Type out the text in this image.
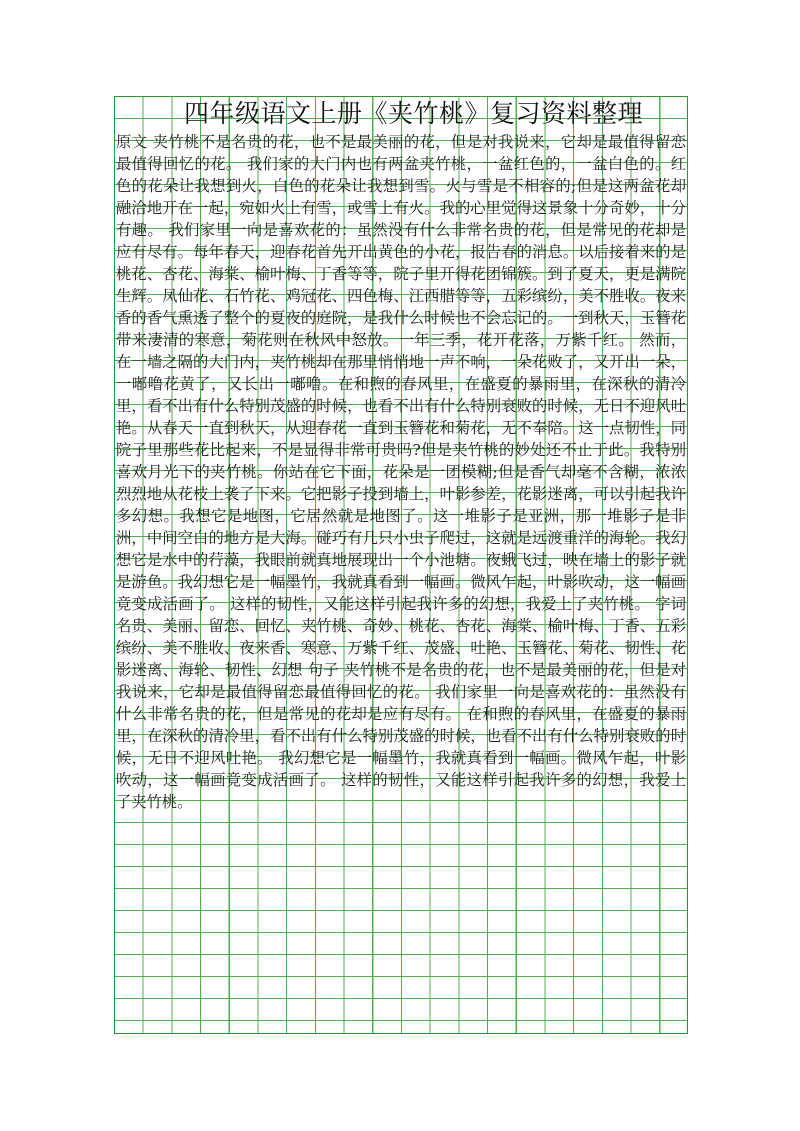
四年级语文上册《夹竹桃》复习资料整理

原文 夹竹桃不是名贵的花，也不是最美丽的花，但是对我说来，它却是最值得留恋最值得回忆的花。 我们家的大门内也有两盆夹竹桃，一盆红色的，一盆白色的。红色的花朵让我想到火，白色的花朵让我想到雪。火与雪是不相容的;但是这两盆花却融洽地开在一起，宛如火上有雪，或雪上有火。我的心里觉得这景象十分奇妙，十分有趣。 我们家里一向是喜欢花的：虽然没有什么非常名贵的花，但是常见的花却是应有尽有。每年春天，迎春花首先开出黄色的小花，报告春的消息。以后接着来的是桃花、杏花、海棠、榆叶梅、丁香等等，院子里开得花团锦簇。到了夏天，更是满院生辉。凤仙花、石竹花、鸡冠花、四色梅、江西腊等等，五彩缤纷，美不胜收。夜来香的香气熏透了整个的夏夜的庭院，是我什么时候也不会忘记的。一到秋天，玉簪花带来凄清的寒意，菊花则在秋风中怒放。一年三季，花开花落，万紫千红。 然而，在一墙之隔的大门内，夹竹桃却在那里悄悄地一声不响，一朵花败了，又开出一朵，一嘟噜花黄了，又长出一嘟噜。在和煦的春风里，在盛夏的暴雨里，在深秋的清冷里，看不出有什么特别茂盛的时候，也看不出有什么特别衰败的时候，无日不迎风吐艳。从春天一直到秋天，从迎春花一直到玉簪花和菊花，无不奉陪。这一点韧性，同院子里那些花比起来，不是显得非常可贵吗?但是夹竹桃的妙处还不止于此。我特别喜欢月光下的夹竹桃。你站在它下面，花朵是一团模糊;但是香气却毫不含糊，浓浓烈烈地从花枝上袭了下来。它把影子投到墙上，叶影参差，花影迷离，可以引起我许多幻想。我想它是地图，它居然就是地图了。这一堆影子是亚洲，那一堆影子是非洲，中间空白的地方是大海。碰巧有几只小虫子爬过，这就是远渡重洋的海轮。我幻想它是水中的荇藻，我眼前就真地展现出一个小池塘。夜蛾飞过，映在墙上的影子就是游鱼。我幻想它是一幅墨竹，我就真看到一幅画。微风乍起，叶影吹动，这一幅画竟变成活画了。 这样的韧性，又能这样引起我许多的幻想，我爱上了夹竹桃。 字词 名贵、美丽、留恋、回忆、夹竹桃、奇妙、桃花、杏花、海棠、榆叶梅、丁香、五彩缤纷、美不胜收、夜来香、寒意、万紫千红、茂盛、吐艳、玉簪花、菊花、韧性、花影迷离、海轮、韧性、幻想 句子 夹竹桃不是名贵的花，也不是最美丽的花，但是对我说来，它却是最值得留恋最值得回忆的花。 我们家里一向是喜欢花的：虽然没有什么非常名贵的花，但是常见的花却是应有尽有。 在和煦的春风里，在盛夏的暴雨里，在深秋的清冷里，看不出有什么特别茂盛的时候，也看不出有什么特别衰败的时候，无日不迎风吐艳。 我幻想它是一幅墨竹，我就真看到一幅画。微风乍起，叶影吹动，这一幅画竟变成活画了。 这样的韧性，又能这样引起我许多的幻想，我爱上了夹竹桃。
